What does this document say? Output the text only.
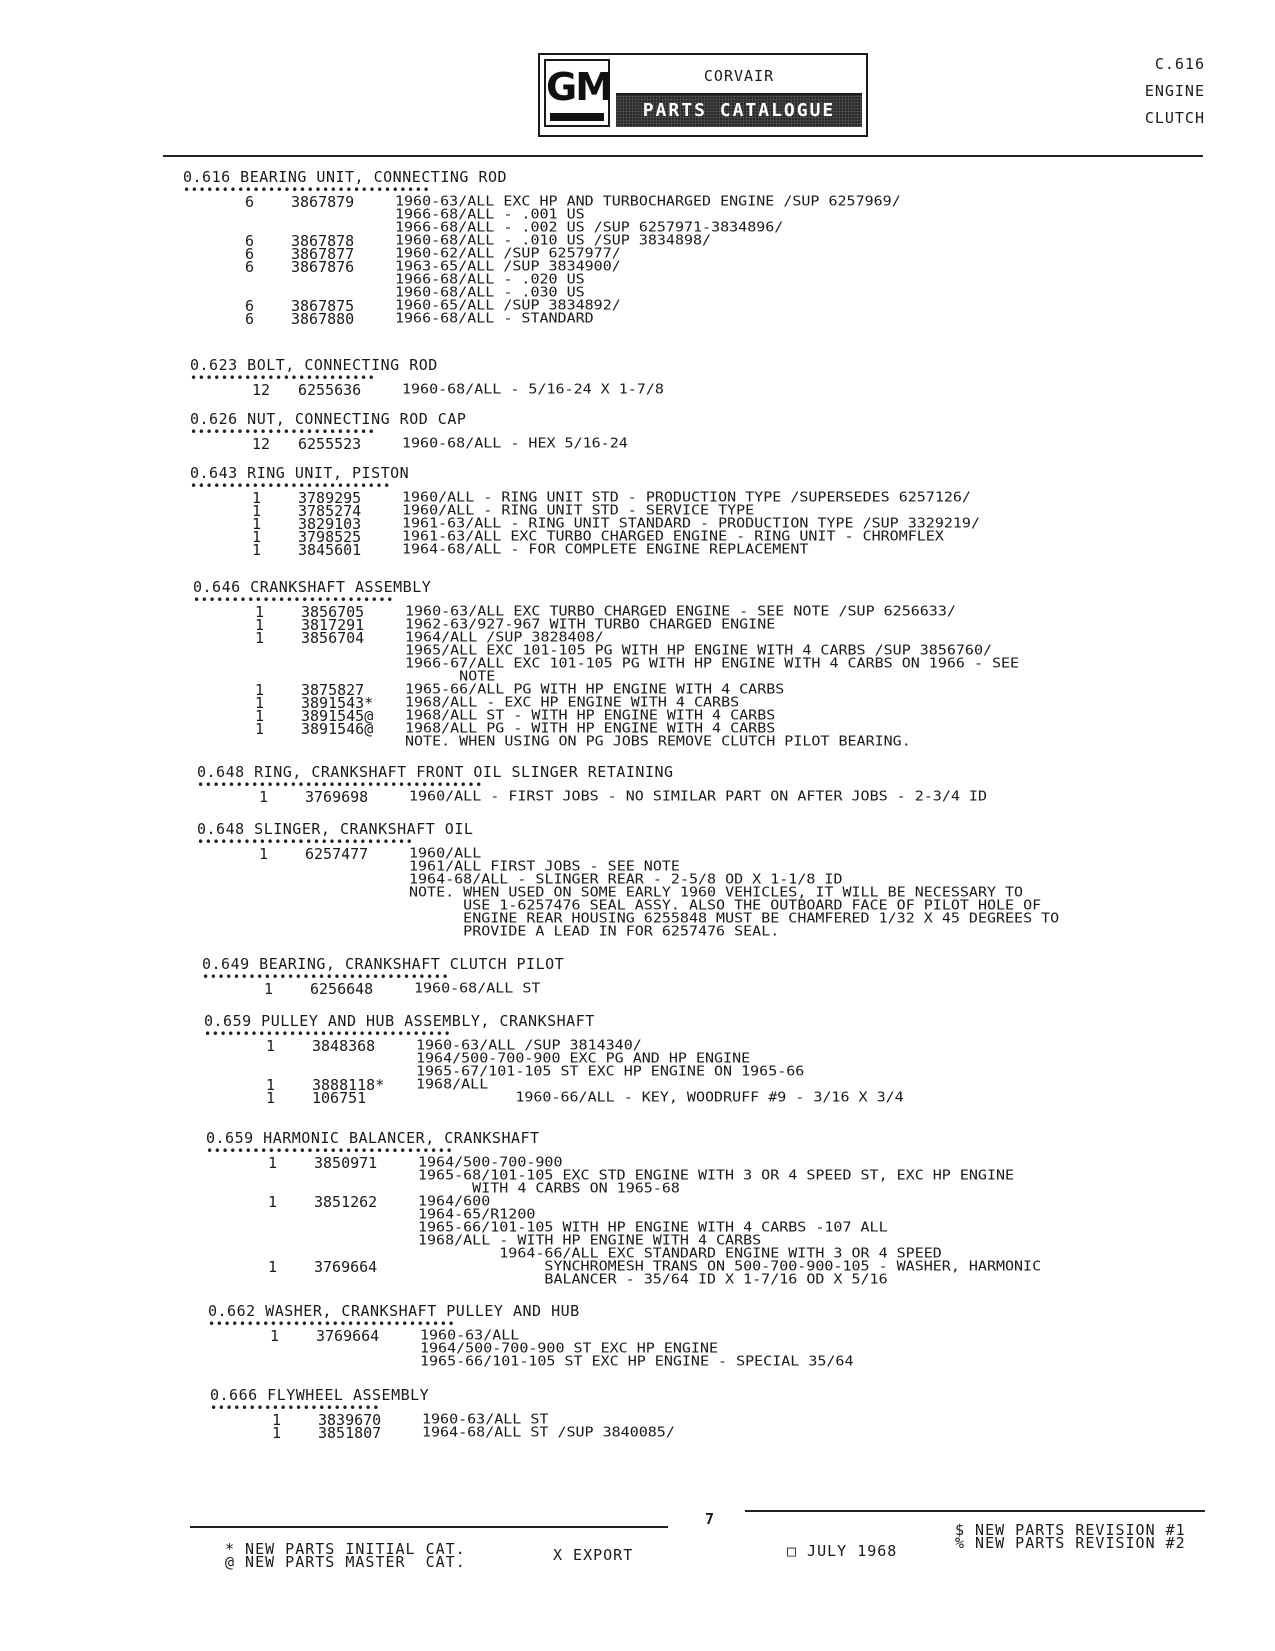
GM	CORVAIR
PARTS CATALOGUE
C.616
ENGINE
CLUTCH
0.616 BEARING UNIT, CONNECTING ROD
••••••••••••••••••••••••••••••••
6 3867879	1960-63/ALL EXC HP AND TURBOCHARGED ENGINE /SUP 6257969/
1966-68/ALL - .001 US
1966-68/ALL - .002 US /SUP 6257971-3834896/
6 3867878	1960-68/ALL - .010 US /SUP 3834898/
6 3867877	1960-62/ALL /SUP 6257977/
6 3867876	1963-65/ALL /SUP 3834900/
1966-68/ALL - .020 US
1960-68/ALL - .030 US
6 3867875	1960-65/ALL /SUP 3834892/
6 3867880	1966-68/ALL - STANDARD
0.623 BOLT, CONNECTING ROD
••••••••••••••••••••••••
12 6255636	1960-68/ALL - 5/16-24 X 1-7/8
0.626 NUT, CONNECTING ROD CAP
••••••••••••••••••••••••
12 6255523	1960-68/ALL - HEX 5/16-24
0.643 RING UNIT, PISTON
••••••••••••••••••••••••••
1 3789295	1960/ALL - RING UNIT STD - PRODUCTION TYPE /SUPERSEDES 6257126/
1 3785274	1960/ALL - RING UNIT STD - SERVICE TYPE
1 3829103	1961-63/ALL - RING UNIT STANDARD - PRODUCTION TYPE /SUP 3329219/
1 3798525	1961-63/ALL EXC TURBO CHARGED ENGINE - RING UNIT - CHROMFLEX
1 3845601	1964-68/ALL - FOR COMPLETE ENGINE REPLACEMENT
0.646 CRANKSHAFT ASSEMBLY
••••••••••••••••••••••••••
1 3856705	1960-63/ALL EXC TURBO CHARGED ENGINE - SEE NOTE /SUP 6256633/
1 3817291	1962-63/927-967 WITH TURBO CHARGED ENGINE
1 3856704	1964/ALL /SUP 3828408/
1965/ALL EXC 101-105 PG WITH HP ENGINE WITH 4 CARBS /SUP 3856760/
1966-67/ALL EXC 101-105 PG WITH HP ENGINE WITH 4 CARBS ON 1966 - SEE
NOTE
1 3875827	1965-66/ALL PG WITH HP ENGINE WITH 4 CARBS
1 3891543* 1968/ALL - EXC HP ENGINE WITH 4 CARBS
1 3891545@ 1968/ALL ST - WITH HP ENGINE WITH 4 CARBS
1 3891546@ 1968/ALL PG - WITH HP ENGINE WITH 4 CARBS
NOTE. WHEN USING ON PG JOBS REMOVE CLUTCH PILOT BEARING.
0.648 RING, CRANKSHAFT FRONT OIL SLINGER RETAINING
•••••••••••••••••••••••••••••••••••••
1 3769698	1960/ALL - FIRST JOBS - NO SIMILAR PART ON AFTER JOBS - 2-3/4 ID
0.648 SLINGER, CRANKSHAFT OIL
••••••••••••••••••••••••••••
1 6257477	1960/ALL
1961/ALL FIRST JOBS - SEE NOTE
1964-68/ALL - SLINGER REAR - 2-5/8 OD X 1-1/8 ID
NOTE. WHEN USED ON SOME EARLY 1960 VEHICLES, IT WILL BE NECESSARY TO
USE 1-6257476 SEAL ASSY. ALSO THE OUTBOARD FACE OF PILOT HOLE OF
ENGINE REAR HOUSING 6255848 MUST BE CHAMFERED 1/32 X 45 DEGREES TO
PROVIDE A LEAD IN FOR 6257476 SEAL.
0.649 BEARING, CRANKSHAFT CLUTCH PILOT
••••••••••••••••••••••••••••••••
1 6256648	1960-68/ALL ST
0.659 PULLEY AND HUB ASSEMBLY, CRANKSHAFT
••••••••••••••••••••••••••••••••
1 3848368	1960-63/ALL /SUP 3814340/
1964/500-700-900 EXC PG AND HP ENGINE
1965-67/101-105 ST EXC HP ENGINE ON 1965-66
1 3888118* 1968/ALL
1 106751	1960-66/ALL - KEY, WOODRUFF #9 - 3/16 X 3/4
0.659 HARMONIC BALANCER, CRANKSHAFT
••••••••••••••••••••••••••••••••
1 3850971	1964/500-700-900
1965-68/101-105 EXC STD ENGINE WITH 3 OR 4 SPEED ST, EXC HP ENGINE
WITH 4 CARBS ON 1965-68
1 3851262	1964/600
1964-65/R1200
1965-66/101-105 WITH HP ENGINE WITH 4 CARBS -107 ALL
1968/ALL - WITH HP ENGINE WITH 4 CARBS
1964-66/ALL EXC STANDARD ENGINE WITH 3 OR 4 SPEED
1 3769664	SYNCHROMESH TRANS ON 500-700-900-105 - WASHER, HARMONIC
BALANCER - 35/64 ID X 1-7/16 OD X 5/16
0.662 WASHER, CRANKSHAFT PULLEY AND HUB
••••••••••••••••••••••••••••••••
1 3769664	1960-63/ALL
1964/500-700-900 ST EXC HP ENGINE
1965-66/101-105 ST EXC HP ENGINE - SPECIAL 35/64
0.666 FLYWHEEL ASSEMBLY
••••••••••••••••••••••
1 3839670	1960-63/ALL ST
1 3851807	1964-68/ALL ST /SUP 3840085/
7
* NEW PARTS INITIAL CAT.
@ NEW PARTS MASTER  CAT.	X EXPORT	□ JULY 1968
$ NEW PARTS REVISION #1
% NEW PARTS REVISION #2
